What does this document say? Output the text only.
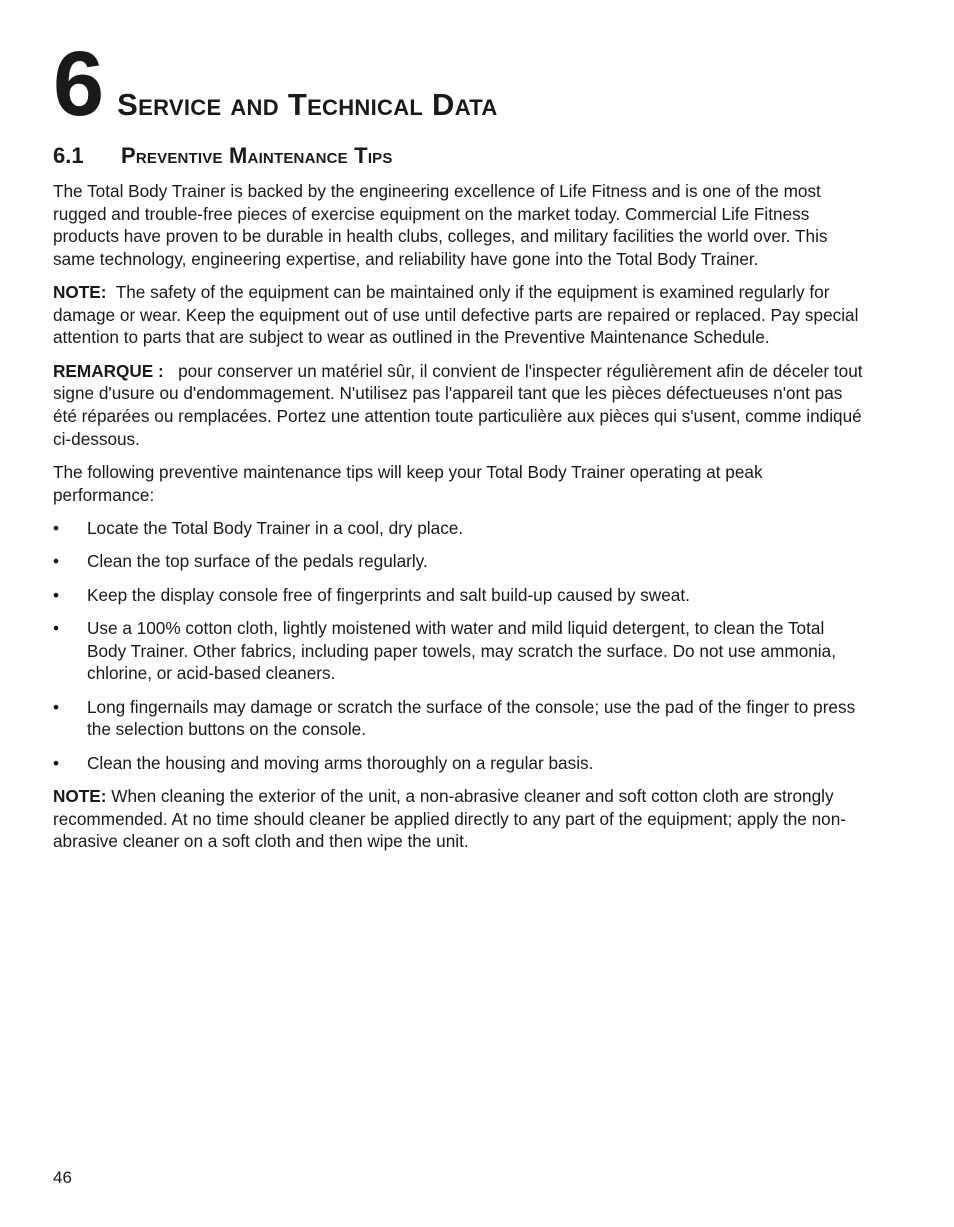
6 Service and Technical Data
6.1	Preventive Maintenance Tips

The Total Body Trainer is backed by the engineering excellence of Life Fitness and is one of the most rugged and trouble-free pieces of exercise equipment on the market today. Commercial Life Fitness products have proven to be durable in health clubs, colleges, and military facilities the world over. This same technology, engineering expertise, and reliability have gone into the Total Body Trainer.

NOTE: The safety of the equipment can be maintained only if the equipment is examined regularly for damage or wear. Keep the equipment out of use until defective parts are repaired or replaced. Pay special attention to parts that are subject to wear as outlined in the Preventive Maintenance Schedule.

REMARQUE : pour conserver un matériel sûr, il convient de l'inspecter régulièrement afin de déceler tout signe d'usure ou d'endommagement. N'utilisez pas l'appareil tant que les pièces défectueuses n'ont pas été réparées ou remplacées. Portez une attention toute particulière aux pièces qui s'usent, comme indiqué ci-dessous.

The following preventive maintenance tips will keep your Total Body Trainer operating at peak performance:

• Locate the Total Body Trainer in a cool, dry place.
• Clean the top surface of the pedals regularly.
• Keep the display console free of fingerprints and salt build-up caused by sweat.
• Use a 100% cotton cloth, lightly moistened with water and mild liquid detergent, to clean the Total Body Trainer. Other fabrics, including paper towels, may scratch the surface. Do not use ammonia, chlorine, or acid-based cleaners.
• Long fingernails may damage or scratch the surface of the console; use the pad of the finger to press the selection buttons on the console.
• Clean the housing and moving arms thoroughly on a regular basis.

NOTE: When cleaning the exterior of the unit, a non-abrasive cleaner and soft cotton cloth are strongly recommended. At no time should cleaner be applied directly to any part of the equipment; apply the non-abrasive cleaner on a soft cloth and then wipe the unit.

46
